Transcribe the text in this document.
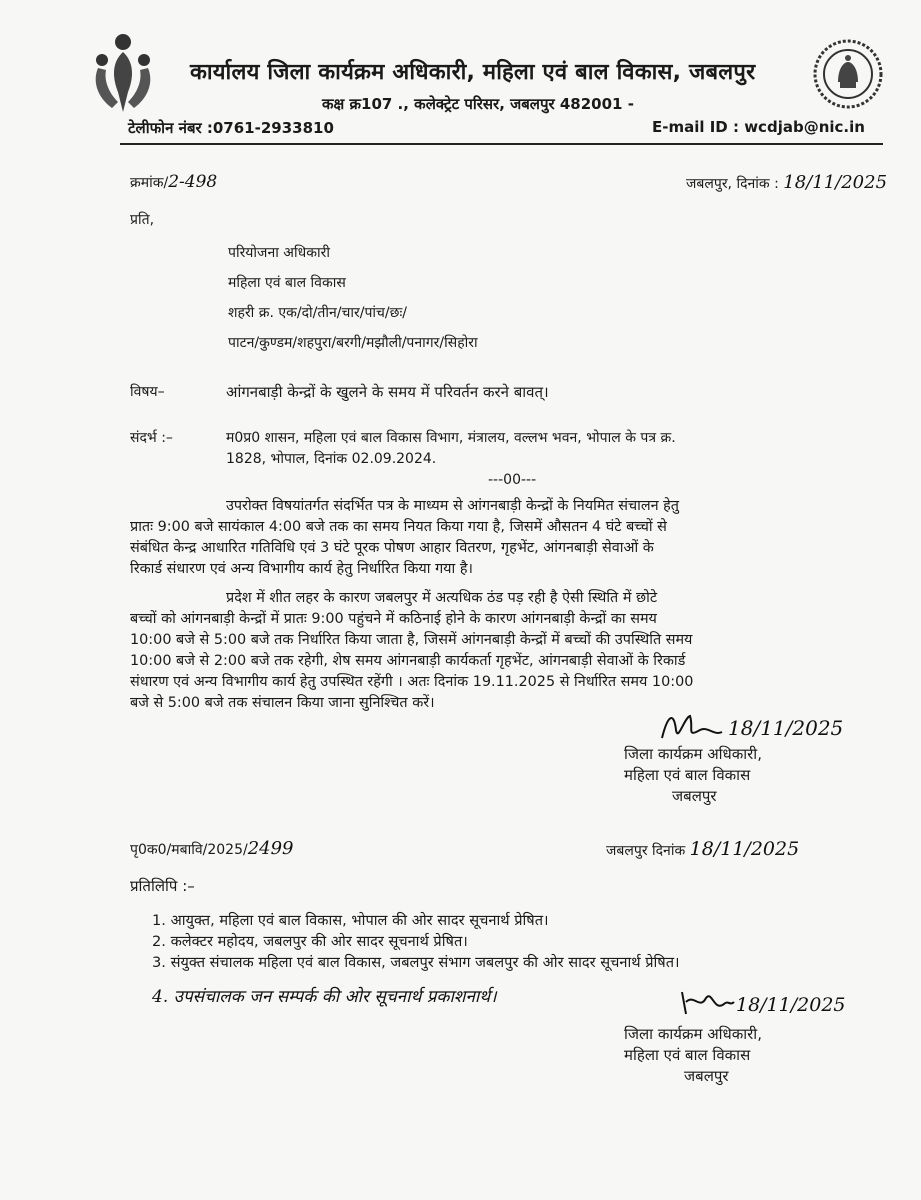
कार्यालय जिला कार्यक्रम अधिकारी, महिला एवं बाल विकास, जबलपुर
कक्ष क्र107 ., कलेक्ट्रेट परिसर, जबलपुर 482001 -
टेलीफोन नंबर :0761-2933810	E-mail ID : wcdjab@nic.in
क्रमांक/2-498	जबलपुर, दिनांक : 18/11/2025
प्रति,
परियोजना अधिकारी
महिला एवं बाल विकास
शहरी क्र. एक/दो/तीन/चार/पांच/छः/
पाटन/कुण्डम/शहपुरा/बरगी/मझौली/पनागर/सिहोरा
विषय–	आंगनबाड़ी केन्द्रों के खुलने के समय में परिवर्तन करने बावत्।
संदर्भ :–	म0प्र0 शासन, महिला एवं बाल विकास विभाग, मंत्रालय, वल्लभ भवन, भोपाल के पत्र क्र.
1828, भोपाल, दिनांक 02.09.2024.
---00---
उपरोक्त विषयांतर्गत संदर्भित पत्र के माध्यम से आंगनबाड़ी केन्द्रों के नियमित संचालन हेतु
प्रातः 9:00 बजे सायंकाल 4:00 बजे तक का समय नियत किया गया है, जिसमें औसतन 4 घंटे बच्चों से
संबंधित केन्द्र आधारित गतिविधि एवं 3 घंटे पूरक पोषण आहार वितरण, गृहभेंट, आंगनबाड़ी सेवाओं के
रिकार्ड संधारण एवं अन्य विभागीय कार्य हेतु निर्धारित किया गया है।
प्रदेश में शीत लहर के कारण जबलपुर में अत्यधिक ठंड पड़ रही है ऐसी स्थिति में छोटे
बच्चों को आंगनबाड़ी केन्द्रों में प्रातः 9:00 पहुंचने में कठिनाई होने के कारण आंगनबाड़ी केन्द्रों का समय
10:00 बजे से 5:00 बजे तक निर्धारित किया जाता है, जिसमें आंगनबाड़ी केन्द्रों में बच्चों की उपस्थिति समय
10:00 बजे से 2:00 बजे तक रहेगी, शेष समय आंगनबाड़ी कार्यकर्ता गृहभेंट, आंगनबाड़ी सेवाओं के रिकार्ड
संधारण एवं अन्य विभागीय कार्य हेतु उपस्थित रहेंगी । अतः दिनांक 19.11.2025 से निर्धारित समय 10:00
बजे से 5:00 बजे तक संचालन किया जाना सुनिश्चित करें।
18/11/2025
जिला कार्यक्रम अधिकारी,
महिला एवं बाल विकास
जबलपुर
पृ0क0/मबावि/2025/2499	जबलपुर दिनांक 18/11/2025
प्रतिलिपि :–
1. आयुक्त, महिला एवं बाल विकास, भोपाल की ओर सादर सूचनार्थ प्रेषित।
2. कलेक्टर महोदय, जबलपुर की ओर सादर सूचनार्थ प्रेषित।
3. संयुक्त संचालक महिला एवं बाल विकास, जबलपुर संभाग जबलपुर की ओर सादर सूचनार्थ प्रेषित।
4. उपसंचालक जन सम्पर्क की ओर सूचनार्थ प्रकाशनार्थ।	18/11/2025
जिला कार्यक्रम अधिकारी,
महिला एवं बाल विकास
जबलपुर
